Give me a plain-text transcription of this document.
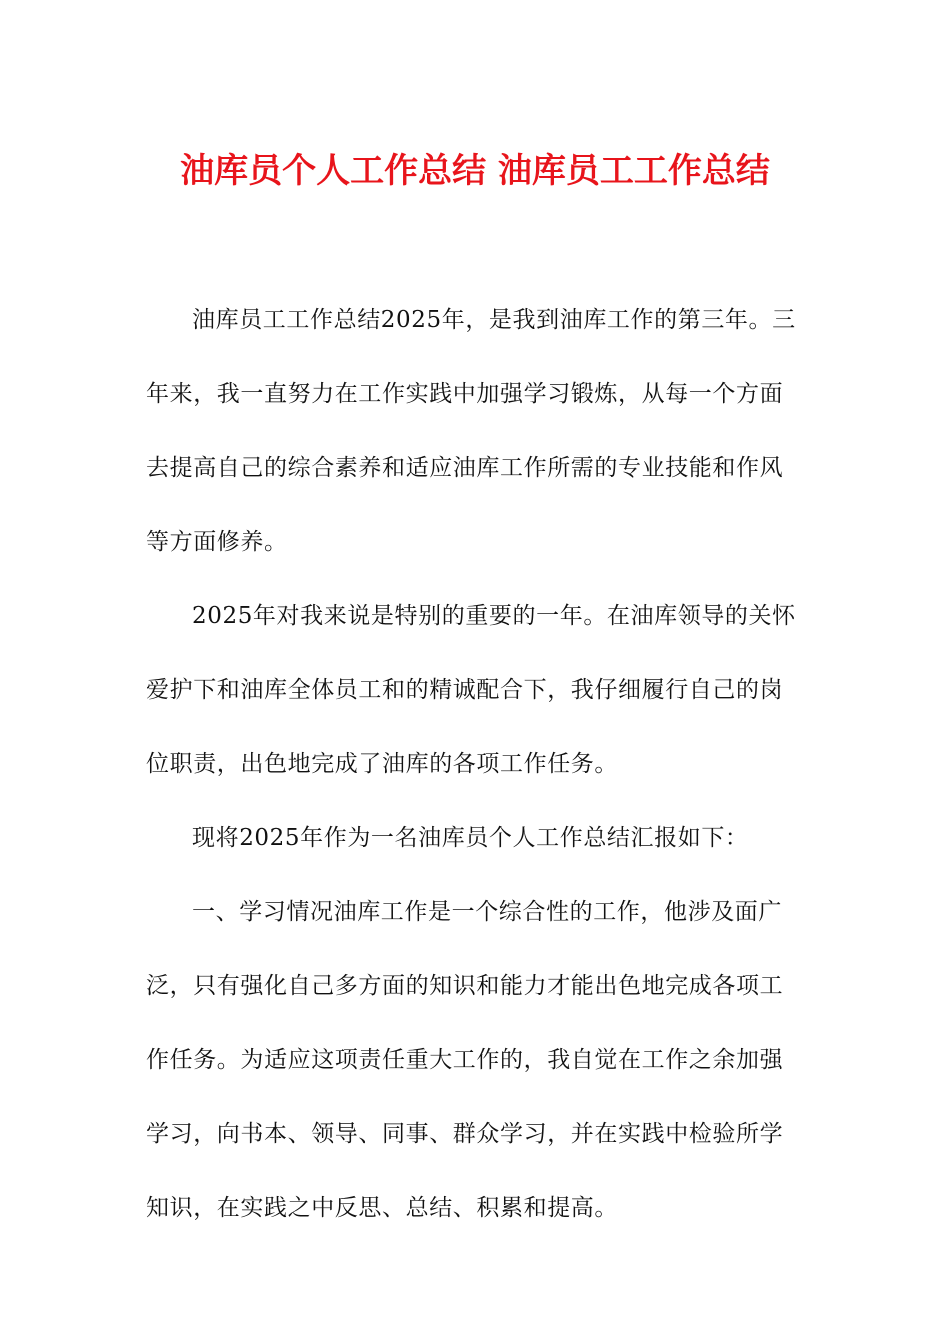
油库员个人工作总结 油库员工工作总结

油库员工工作总结2025年，是我到油库工作的第三年。三
年来，我一直努力在工作实践中加强学习锻炼，从每一个方面
去提高自己的综合素养和适应油库工作所需的专业技能和作风
等方面修养。

2025年对我来说是特别的重要的一年。在油库领导的关怀
爱护下和油库全体员工和的精诚配合下，我仔细履行自己的岗
位职责，出色地完成了油库的各项工作任务。

现将2025年作为一名油库员个人工作总结汇报如下：

一、学习情况油库工作是一个综合性的工作，他涉及面广
泛，只有强化自己多方面的知识和能力才能出色地完成各项工
作任务。为适应这项责任重大工作的，我自觉在工作之余加强
学习，向书本、领导、同事、群众学习，并在实践中检验所学
知识，在实践之中反思、总结、积累和提高。
